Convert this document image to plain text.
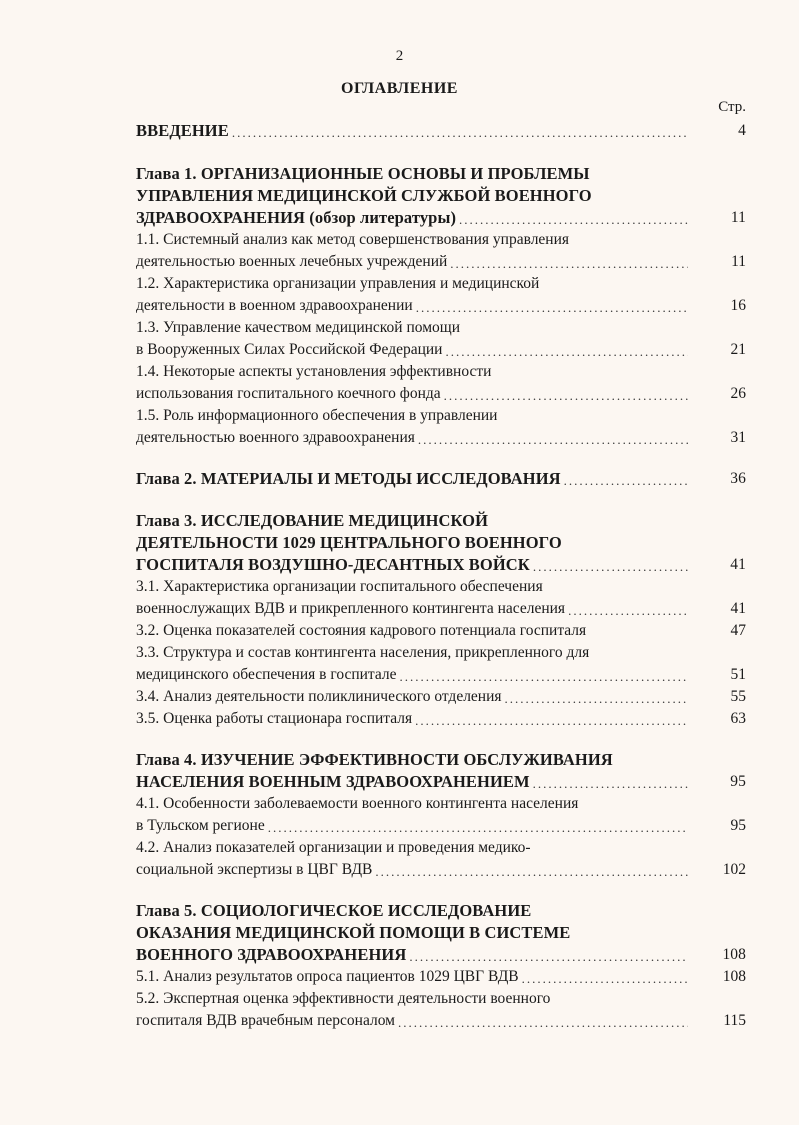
2
ОГЛАВЛЕНИЕ
Стр.
ВВЕДЕНИЕ .....	4
Глава 1. ОРГАНИЗАЦИОННЫЕ ОСНОВЫ И ПРОБЛЕМЫ
УПРАВЛЕНИЯ МЕДИЦИНСКОЙ СЛУЖБОЙ ВОЕННОГО
ЗДРАВООХРАНЕНИЯ (обзор литературы) .....	11
1.1. Системный анализ как метод совершенствования управления
деятельностью военных лечебных учреждений .....	11
1.2. Характеристика организации управления и медицинской
деятельности в военном здравоохранении .....	16
1.3. Управление качеством медицинской помощи
в Вооруженных Силах Российской Федерации .....	21
1.4. Некоторые аспекты установления эффективности
использования госпитального коечного фонда .....	26
1.5. Роль информационного обеспечения в управлении
деятельностью военного здравоохранения .....	31
Глава 2. МАТЕРИАЛЫ И МЕТОДЫ ИССЛЕДОВАНИЯ .....	36
Глава 3. ИССЛЕДОВАНИЕ МЕДИЦИНСКОЙ
ДЕЯТЕЛЬНОСТИ 1029 ЦЕНТРАЛЬНОГО ВОЕННОГО
ГОСПИТАЛЯ ВОЗДУШНО-ДЕСАНТНЫХ ВОЙСК .....	41
3.1. Характеристика организации госпитального обеспечения
военнослужащих ВДВ и прикрепленного контингента населения .....	41
3.2. Оценка показателей состояния кадрового потенциала госпиталя	47
3.3. Структура и состав контингента населения, прикрепленного для
медицинского обеспечения в госпитале .....	51
3.4. Анализ деятельности поликлинического отделения .....	55
3.5. Оценка работы стационара госпиталя .....	63
Глава 4. ИЗУЧЕНИЕ ЭФФЕКТИВНОСТИ ОБСЛУЖИВАНИЯ
НАСЕЛЕНИЯ ВОЕННЫМ ЗДРАВООХРАНЕНИЕМ .....	95
4.1. Особенности заболеваемости военного контингента населения
в Тульском регионе .....	95
4.2. Анализ показателей организации и проведения медико-
социальной экспертизы в ЦВГ ВДВ .....	102
Глава 5. СОЦИОЛОГИЧЕСКОЕ ИССЛЕДОВАНИЕ
ОКАЗАНИЯ МЕДИЦИНСКОЙ ПОМОЩИ В СИСТЕМЕ
ВОЕННОГО ЗДРАВООХРАНЕНИЯ .....	108
5.1. Анализ результатов опроса пациентов 1029 ЦВГ ВДВ .....	108
5.2. Экспертная оценка эффективности деятельности военного
госпиталя ВДВ врачебным персоналом .....	115
